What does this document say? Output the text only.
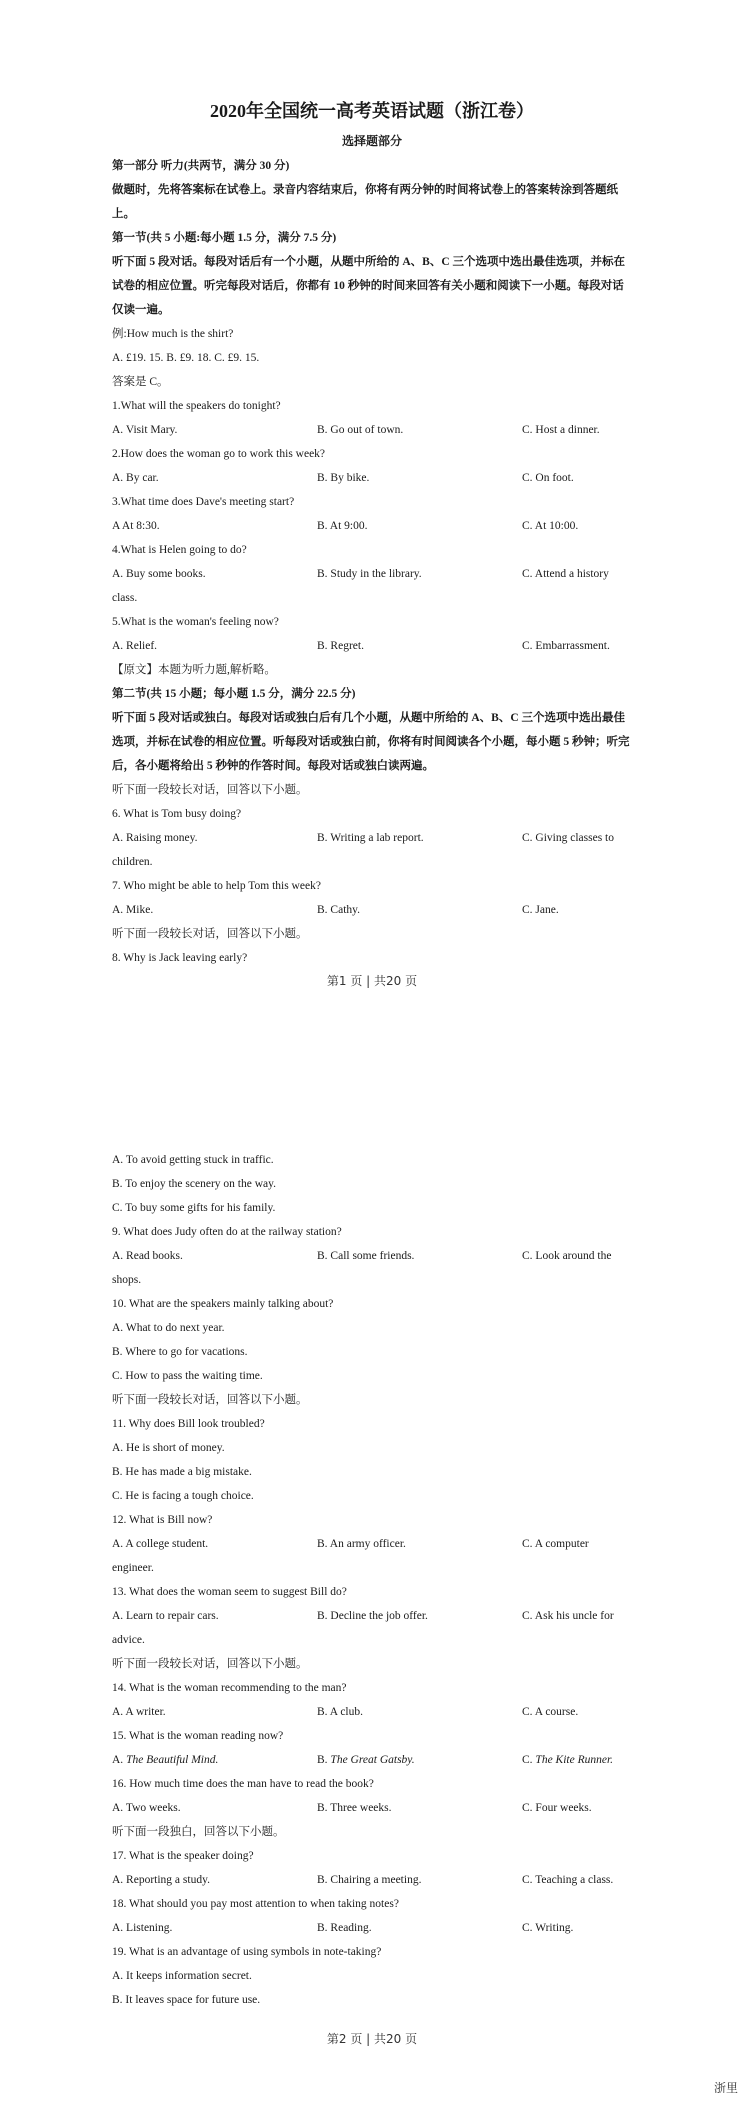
2020年全国统一高考英语试题（浙江卷）
选择题部分
第一部分 听力(共两节，满分 30 分)
做题时，先将答案标在试卷上。录音内容结束后，你将有两分钟的时间将试卷上的答案转涂到答题纸上。
第一节(共 5 小题:每小题 1.5 分，满分 7.5 分)
听下面 5 段对话。每段对话后有一个小题，从题中所给的 A、B、C 三个选项中选出最佳选项，并标在试卷的相应位置。听完每段对话后，你都有 10 秒钟的时间来回答有关小题和阅读下一小题。每段对话仅读一遍。
例:How much is the shirt?
A. £19. 15. B. £9. 18. C. £9. 15.
答案是 C。
1.What will the speakers do tonight?
A. Visit Mary.	B. Go out of town.	C. Host a dinner.
2.How does the woman go to work this week?
A. By car.	B. By bike.	C. On foot.
3.What time does Dave's meeting start?
A At 8:30.	B. At 9:00.	C. At 10:00.
4.What is Helen going to do?
A. Buy some books.	B. Study in the library.	C. Attend a history
class.
5.What is the woman's feeling now?
A. Relief.	B. Regret.	C. Embarrassment.
【原文】本题为听力题,解析略。
第二节(共 15 小题；每小题 1.5 分，满分 22.5 分)
听下面 5 段对话或独白。每段对话或独白后有几个小题，从题中所给的 A、B、C 三个选项中选出最佳选项，并标在试卷的相应位置。听每段对话或独白前，你将有时间阅读各个小题，每小题 5 秒钟；听完后，各小题将给出 5 秒钟的作答时间。每段对话或独白读两遍。
听下面一段较长对话，回答以下小题。
6. What is Tom busy doing?
A. Raising money.	B. Writing a lab report.	C. Giving classes to
children.
7. Who might be able to help Tom this week?
A. Mike.	B. Cathy.	C. Jane.
听下面一段较长对话，回答以下小题。
8. Why is Jack leaving early?
第1 页 | 共20 页
A. To avoid getting stuck in traffic.
B. To enjoy the scenery on the way.
C. To buy some gifts for his family.
9. What does Judy often do at the railway station?
A. Read books.	B. Call some friends.	C. Look around the
shops.
10. What are the speakers mainly talking about?
A. What to do next year.
B. Where to go for vacations.
C. How to pass the waiting time.
听下面一段较长对话，回答以下小题。
11. Why does Bill look troubled?
A. He is short of money.
B. He has made a big mistake.
C. He is facing a tough choice.
12. What is Bill now?
A. A college student.	B. An army officer.	C. A computer
engineer.
13. What does the woman seem to suggest Bill do?
A. Learn to repair cars.	B. Decline the job offer.	C. Ask his uncle for
advice.
听下面一段较长对话，回答以下小题。
14. What is the woman recommending to the man?
A. A writer.	B. A club.	C. A course.
15. What is the woman reading now?
A. The Beautiful Mind.	B. The Great Gatsby.	C. The Kite Runner.
16. How much time does the man have to read the book?
A. Two weeks.	B. Three weeks.	C. Four weeks.
听下面一段独白，回答以下小题。
17. What is the speaker doing?
A. Reporting a study.	B. Chairing a meeting.	C. Teaching a class.
18. What should you pay most attention to when taking notes?
A. Listening.	B. Reading.	C. Writing.
19. What is an advantage of using symbols in note-taking?
A. It keeps information secret.
B. It leaves space for future use.
第2 页 | 共20 页
浙里
